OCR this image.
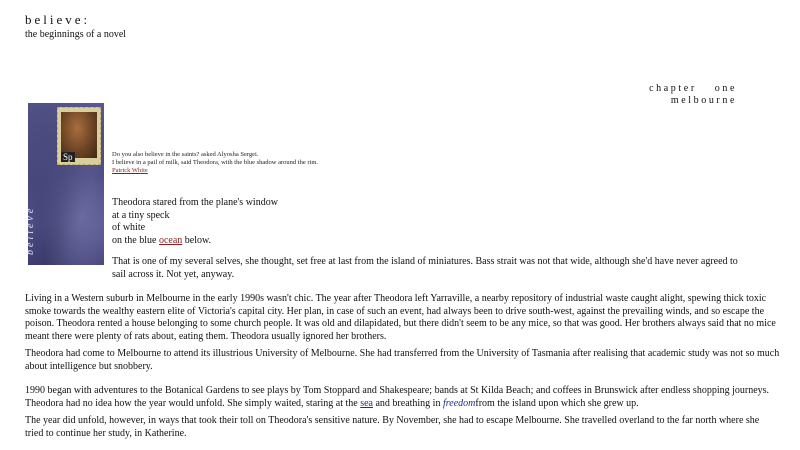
believe:
the beginnings of a novel
chapter one
melbourne
Sp
believe
Do you also believe in the saints? asked Alyosha Sergei.
I believe in a pail of milk, said Theodora, with the blue shadow around the rim.
Patrick White
Theodora stared from the plane's window
at a tiny speck
of white
on the blue ocean below.
That is one of my several selves, she thought, set free at last from the island of miniatures. Bass strait was not that wide, although she'd have never agreed to sail across it. Not yet, anyway.
Living in a Western suburb in Melbourne in the early 1990s wasn't chic. The year after Theodora left Yarraville, a nearby repository of industrial waste caught alight, spewing thick toxic smoke towards the wealthy eastern elite of Victoria's capital city. Her plan, in case of such an event, had always been to drive south-west, against the prevailing winds, and so escape the poison. Theodora rented a house belonging to some church people. It was old and dilapidated, but there didn't seem to be any mice, so that was good. Her brothers always said that no mice meant there were plenty of rats about, eating them. Theodora usually ignored her brothers.
Theodora had come to Melbourne to attend its illustrious University of Melbourne. She had transferred from the University of Tasmania after realising that academic study was not so much about intelligence but snobbery.
1990 began with adventures to the Botanical Gardens to see plays by Tom Stoppard and Shakespeare; bands at St Kilda Beach; and coffees in Brunswick after endless shopping journeys. Theodora had no idea how the year would unfold. She simply waited, staring at the sea and breathing in freedomfrom the island upon which she grew up.
The year did unfold, however, in ways that took their toll on Theodora's sensitive nature. By November, she had to escape Melbourne. She travelled overland to the far north where she tried to continue her study, in Katherine.
